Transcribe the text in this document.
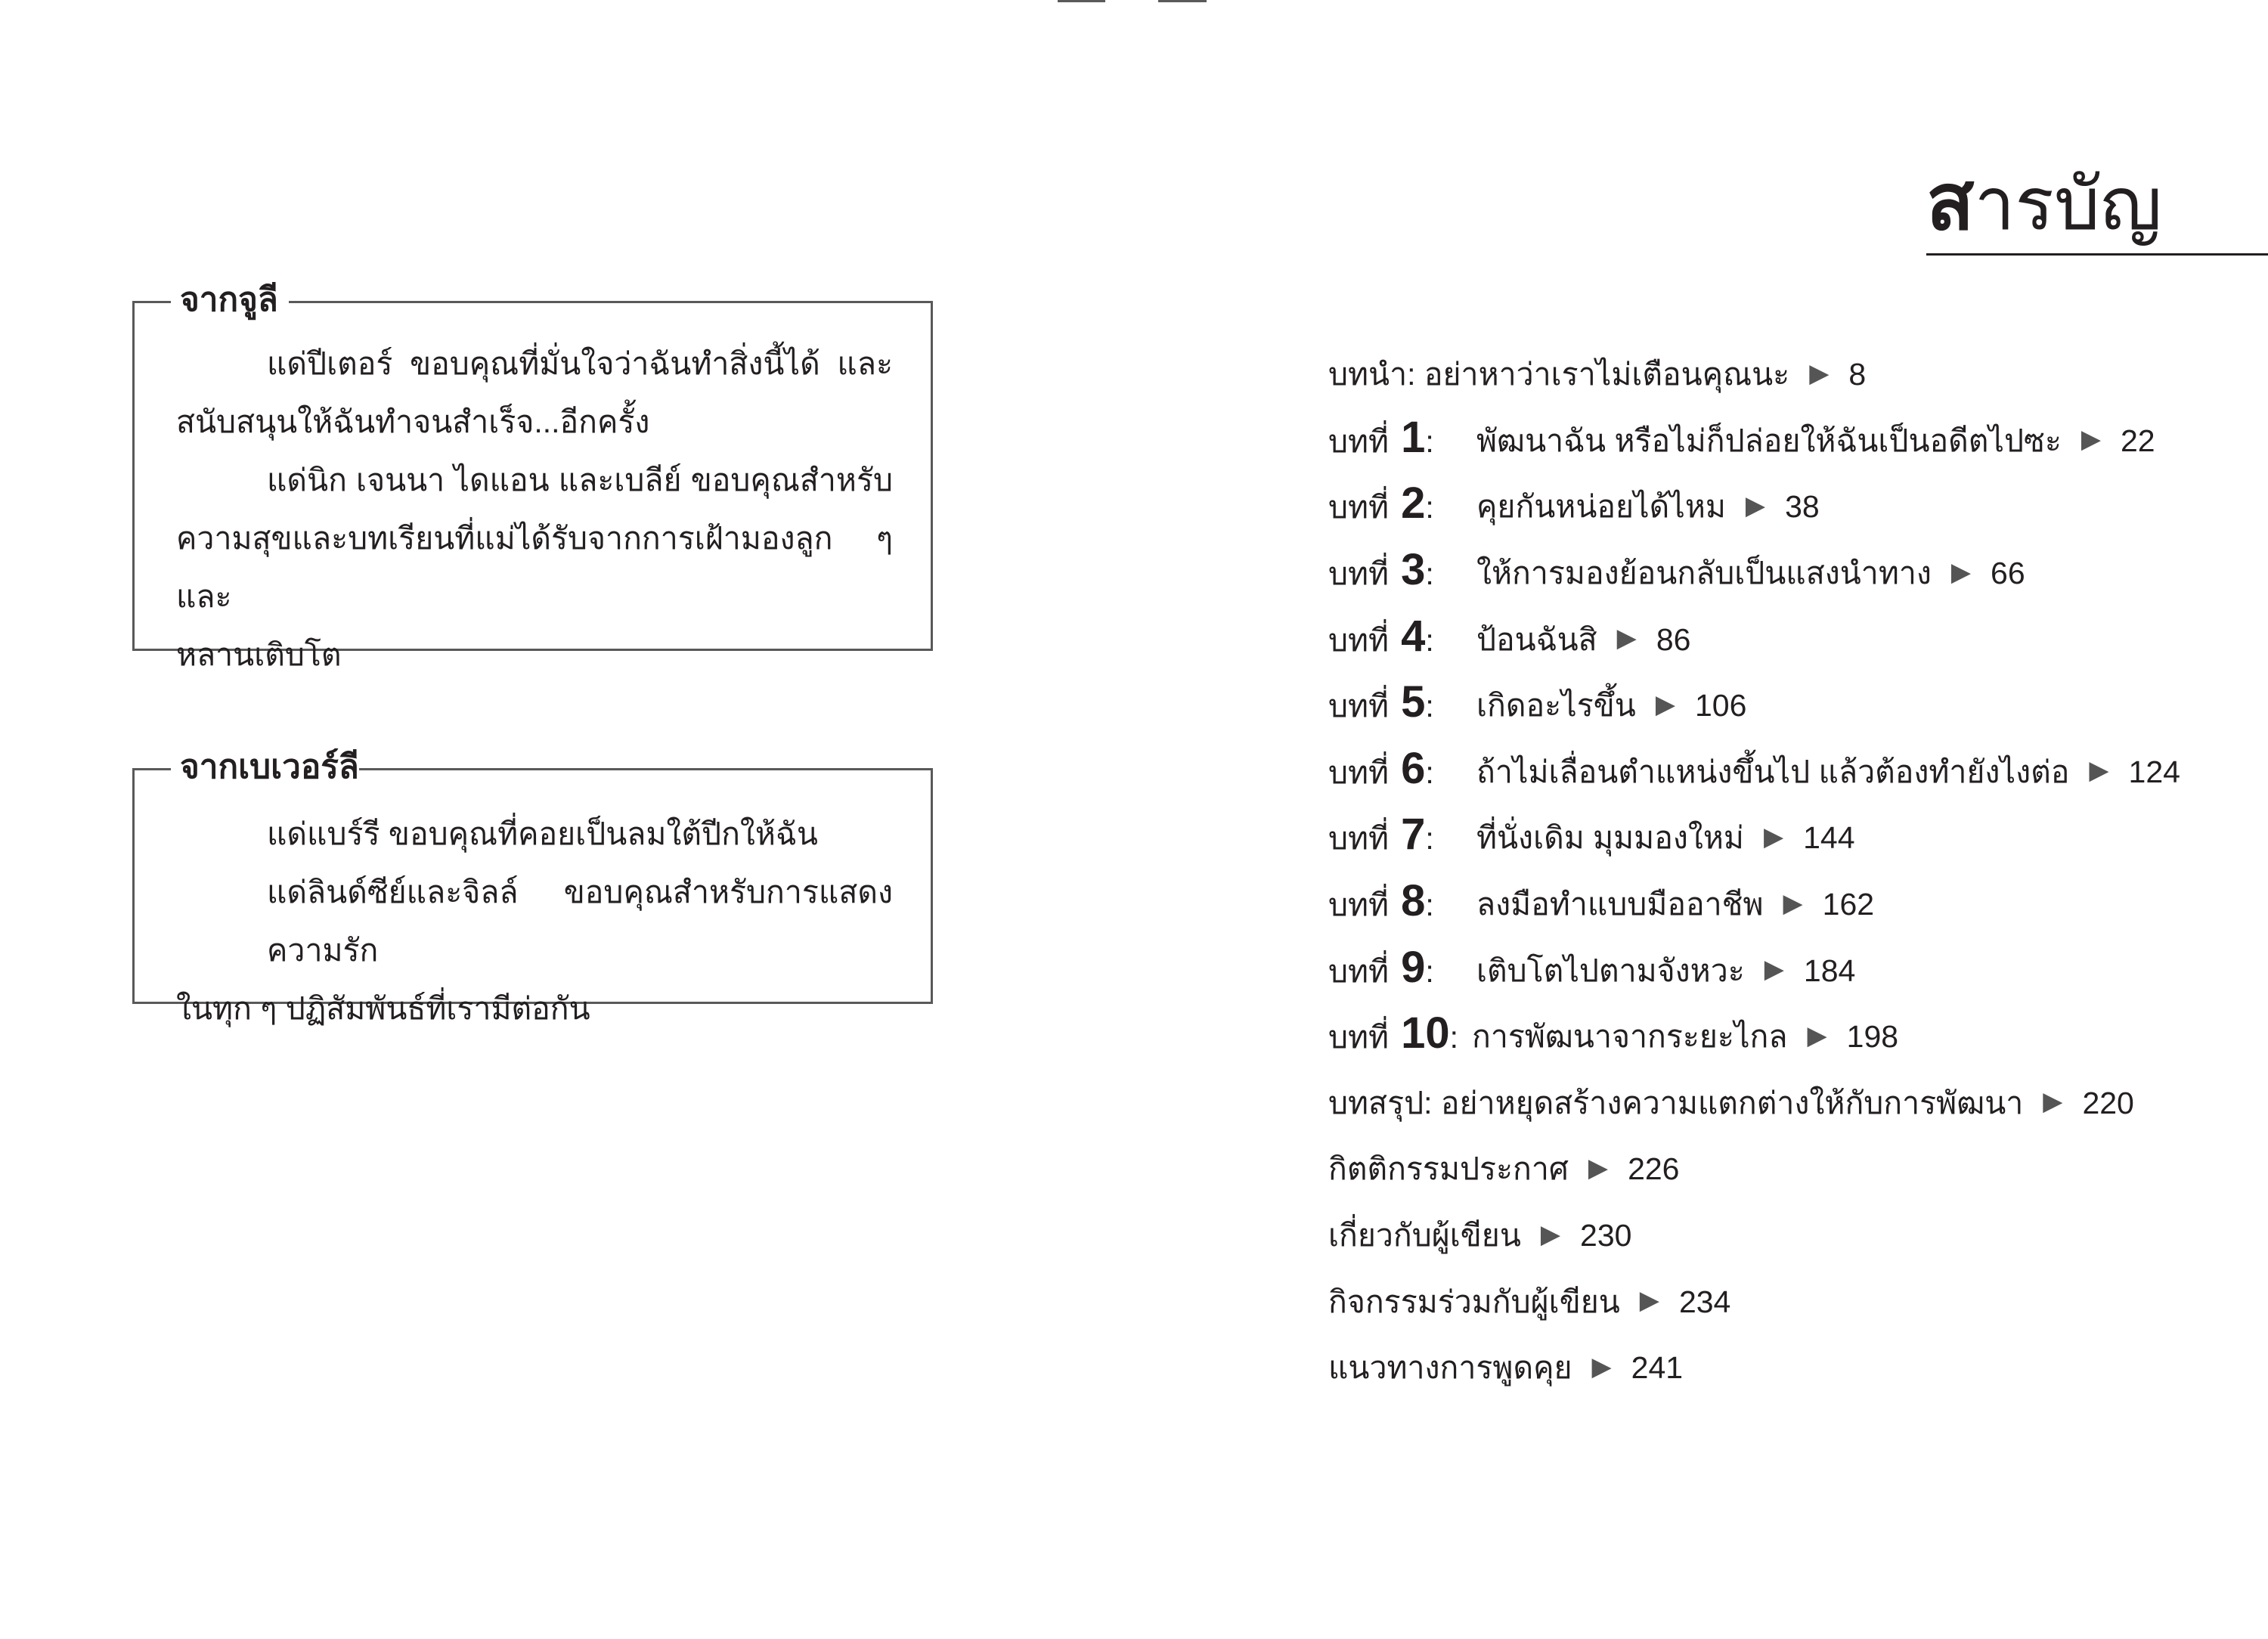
จากจูลี
แด่ปีเตอร์ ขอบคุณที่มั่นใจว่าฉันทำสิ่งนี้ได้ และ
สนับสนุนให้ฉันทำจนสำเร็จ...อีกครั้ง
แด่นิก เจนนา ไดแอน และเบลีย์ ขอบคุณสำหรับ
ความสุขและบทเรียนที่แม่ได้รับจากการเฝ้ามองลูก ๆ และ
หลานเติบโต
จากเบเวอร์ลี
แด่แบร์รี ขอบคุณที่คอยเป็นลมใต้ปีกให้ฉัน
แด่ลินด์ซีย์และจิลล์ ขอบคุณสำหรับการแสดงความรัก
ในทุก ๆ ปฏิสัมพันธ์ที่เรามีต่อกัน
สารบัญ
บทนำ:
อย่าหาว่าเราไม่เตือนคุณนะ ▶ 8
บทที่ 1 : พัฒนาฉัน หรือไม่ก็ปล่อยให้ฉันเป็นอดีตไปซะ ▶ 22
บทที่ 2 : คุยกันหน่อยได้ไหม ▶ 38
บทที่ 3 : ให้การมองย้อนกลับเป็นแสงนำทาง ▶ 66
บทที่ 4 : ป้อนฉันสิ ▶ 86
บทที่ 5 : เกิดอะไรขึ้น ▶ 106
บทที่ 6 : ถ้าไม่เลื่อนตำแหน่งขึ้นไป แล้วต้องทำยังไงต่อ ▶ 124
บทที่ 7 : ที่นั่งเดิม มุมมองใหม่ ▶ 144
บทที่ 8 : ลงมือทำแบบมืออาชีพ ▶ 162
บทที่ 9 : เติบโตไปตามจังหวะ ▶ 184
บทที่ 10 : การพัฒนาจากระยะไกล ▶ 198
บทสรุป:
อย่าหยุดสร้างความแตกต่างให้กับการพัฒนา ▶ 220
กิตติกรรมประกาศ ▶ 226
เกี่ยวกับผู้เขียน ▶ 230
กิจกรรมร่วมกับผู้เขียน ▶ 234
แนวทางการพูดคุย ▶ 241
